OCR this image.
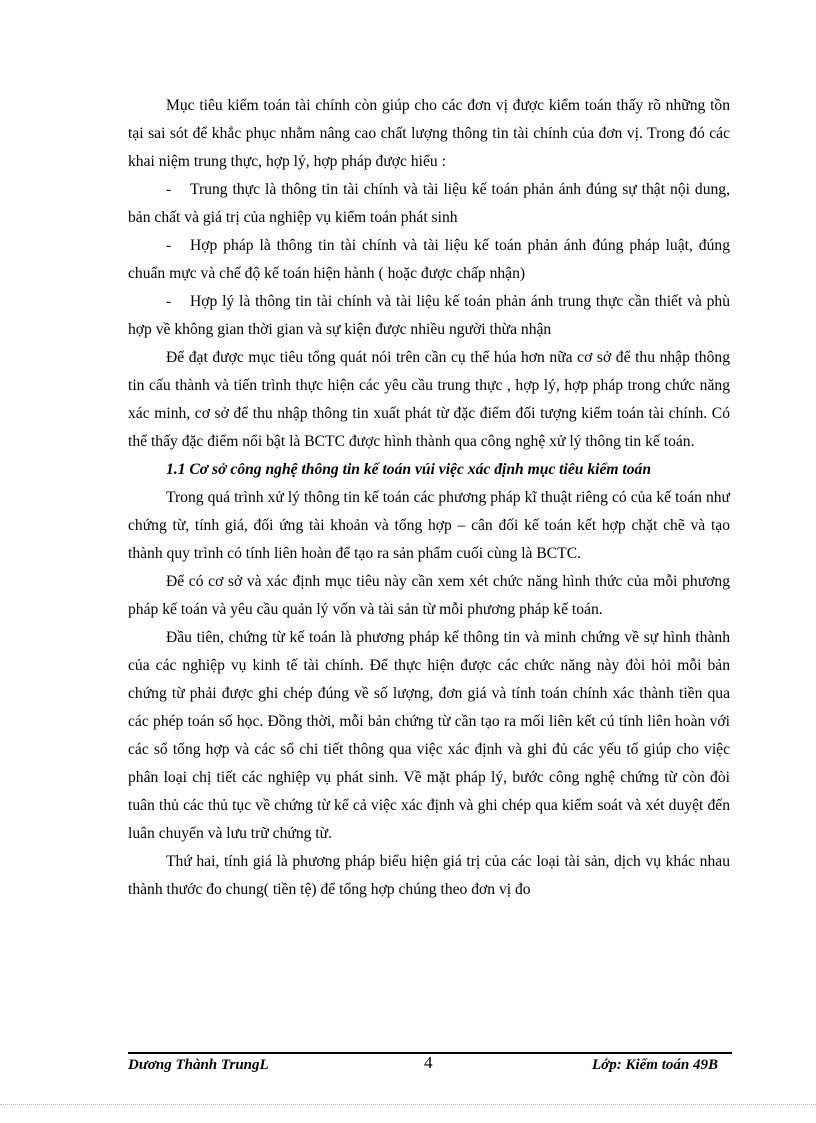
Mục tiêu kiểm toán tài chính còn giúp cho các đơn vị được kiểm toán thấy rõ những tồn tại sai sót để khắc phục nhằm nâng cao chất lượng thông tin tài chính của đơn vị. Trong đó các khai niệm trung thực, hợp lý, hợp pháp được hiểu :

- Trung thực là thông tin tài chính và tài liệu kế toán phản ánh đúng sự thật nội dung, bản chất và giá trị của nghiệp vụ kiểm toán phát sinh

- Hợp pháp là thông tin tài chính và tài liệu kế toán phản ánh đúng pháp luật, đúng chuẩn mực và chế độ kế toán hiện hành ( hoặc được chấp nhận)

- Hợp lý là thông tin tài chính và tài liệu kế toán phản ánh trung thực cần thiết và phù hợp về không gian thời gian và sự kiện được nhiều người thừa nhận

Để đạt được mục tiêu tổng quát nói trên cần cụ thể húa hơn nữa cơ sở để thu nhập thông tin cấu thành và tiến trình thực hiện các yêu cầu trung thực , hợp lý, hợp pháp trong chức năng xác minh, cơ sở để thu nhập thông tin xuất phát từ đặc điểm đối tượng kiểm toán tài chính. Có thể thấy đặc điểm nổi bật là BCTC được hình thành qua công nghệ xử lý thông tin kế toán.

1.1 Cơ sở công nghệ thông tin kế toán vúi việc xác định mục tiêu kiểm toán

Trong quá trình xử lý thông tin kế toán các phương pháp kĩ thuật riêng có của kế toán như chứng từ, tính giá, đối ứng tài khoản và tổng hợp – cân đối kế toán kết hợp chặt chẽ và tạo thành quy trình có tính liên hoàn để tạo ra sản phẩm cuối cùng là BCTC.

Để có cơ sở và xác định mục tiêu này cần xem xét chức năng hình thức của mỗi phương pháp kế toán và yêu cầu quản lý vốn và tài sản từ mỗi phương pháp kế toán.

Đầu tiên, chứng từ kế toán là phương pháp kế thông tin và minh chứng về sự hình thành của các nghiệp vụ kinh tế tài chính. Để thực hiện được các chức năng này đòi hỏi mỗi bản chứng từ phải được ghi chép đúng về số lượng, đơn giá và tính toán chính xác thành tiền qua các phép toán số học. Đồng thời, mỗi bản chứng từ cần tạo ra mối liên kết cú tính liên hoàn với các sổ tổng hợp và các sổ chi tiết thông qua việc xác định và ghi đủ các yếu tố giúp cho việc phân loại chị tiết các nghiệp vụ phát sinh. Về mặt pháp lý, bước công nghệ chứng từ còn đòi tuân thủ các thủ tục về chứng từ kể cả việc xác định và ghi chép qua kiểm soát và xét duyệt đến luân chuyển và lưu trữ chứng từ.

Thứ hai, tính giá là phương pháp biểu hiện giá trị của các loại tài sản, dịch vụ khác nhau thành thước đo chung( tiền tệ) để tổng hợp chúng theo đơn vị đo

Dương Thành TrungL	4	Lớp: Kiểm toán 49B
